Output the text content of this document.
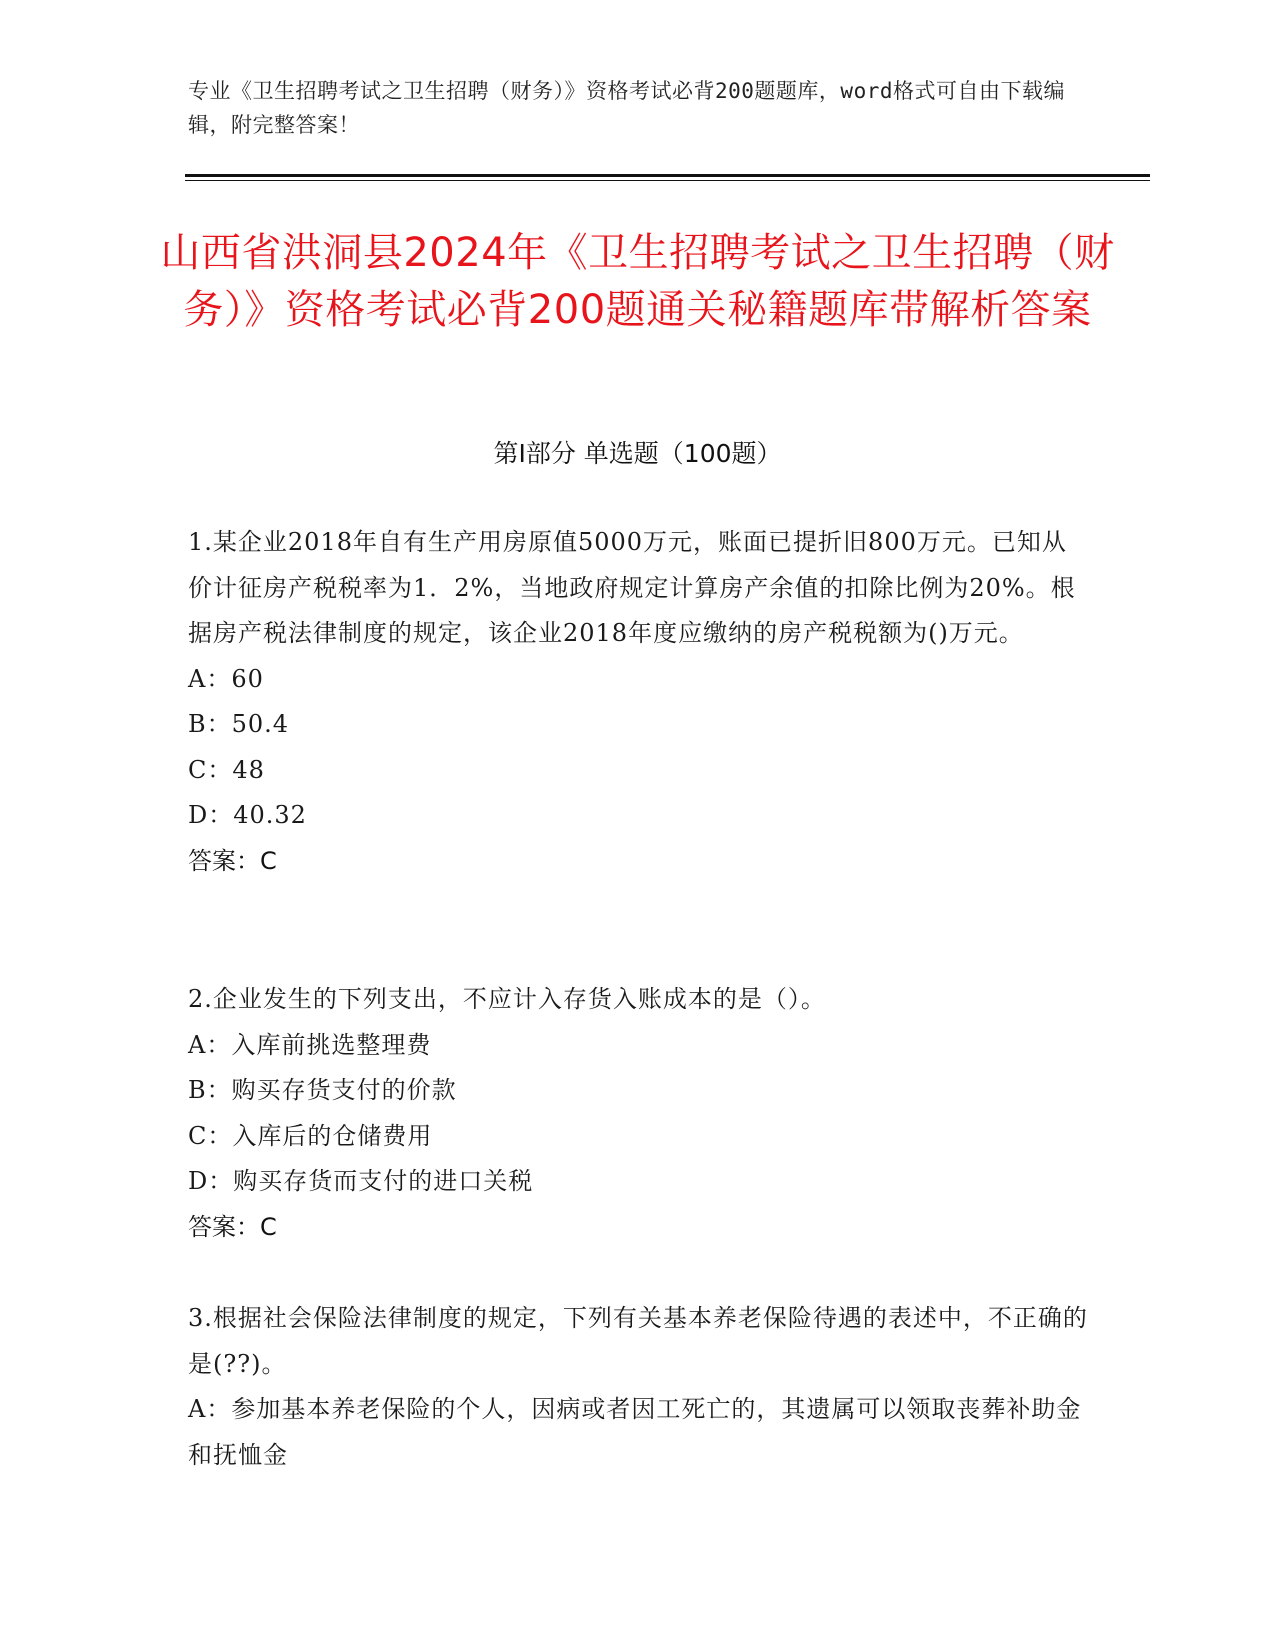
专业《卫生招聘考试之卫生招聘（财务）》资格考试必背200题题库，word格式可自由下载编辑，附完整答案！
山西省洪洞县2024年《卫生招聘考试之卫生招聘（财务）》资格考试必背200题通关秘籍题库带解析答案
第Ⅰ部分 单选题（100题）

1.某企业2018年自有生产用房原值5000万元，账面已提折旧800万元。已知从价计征房产税税率为1．2%，当地政府规定计算房产余值的扣除比例为20%。根据房产税法律制度的规定，该企业2018年度应缴纳的房产税税额为()万元。

A：60

B：50.4

C：48

D：40.32

答案：C

2.企业发生的下列支出，不应计入存货入账成本的是（）。

A：入库前挑选整理费

B：购买存货支付的价款

C：入库后的仓储费用

D：购买存货而支付的进口关税

答案：C

3.根据社会保险法律制度的规定，下列有关基本养老保险待遇的表述中，不正确的是(??)。

A：参加基本养老保险的个人，因病或者因工死亡的，其遗属可以领取丧葬补助金和抚恤金
